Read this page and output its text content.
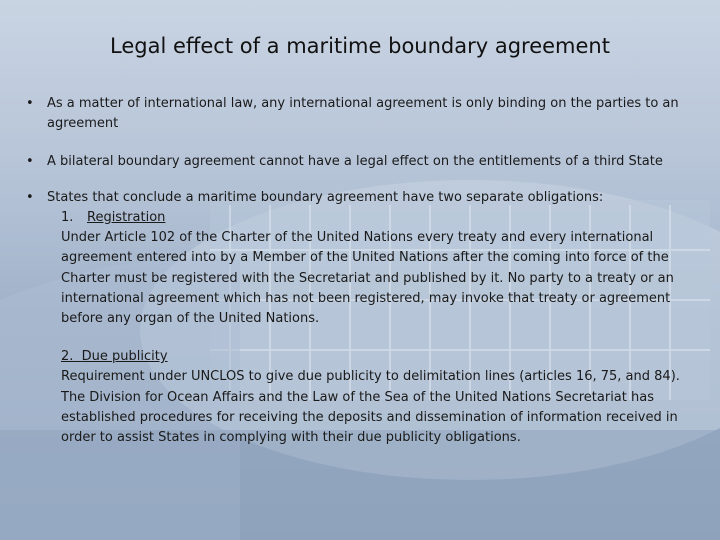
Legal effect of a maritime boundary agreement
• As a matter of international law, any international agreement is only binding on the parties to an agreement
• A bilateral boundary agreement cannot have a legal effect on the entitlements of a third State
• States that conclude a maritime boundary agreement have two separate obligations:
1. Registration
Under Article 102 of the Charter of the United Nations every treaty and every international agreement entered into by a Member of the United Nations after the coming into force of the Charter must be registered with the Secretariat and published by it. No party to a treaty or an international agreement which has not been registered, may invoke that treaty or agreement before any organ of the United Nations.
2. Due publicity
Requirement under UNCLOS to give due publicity to delimitation lines (articles 16, 75, and 84). The Division for Ocean Affairs and the Law of the Sea of the United Nations Secretariat has established procedures for receiving the deposits and dissemination of information received in order to assist States in complying with their due publicity obligations.
